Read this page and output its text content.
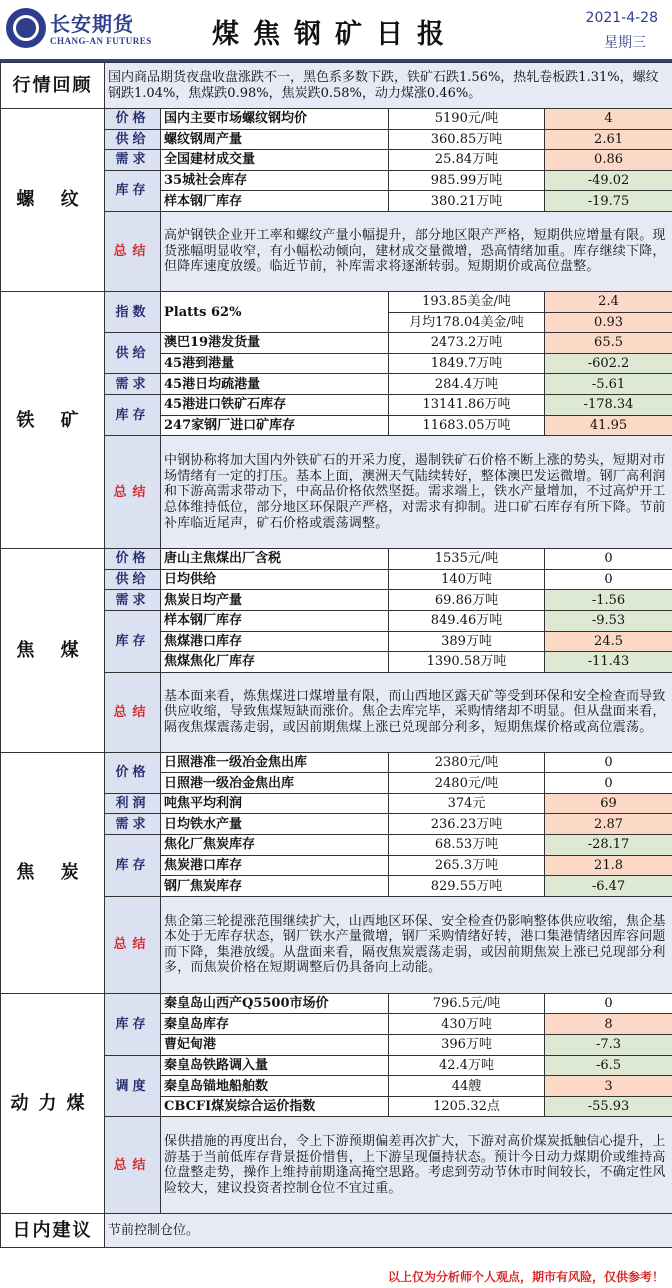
长安期货
CHANG-AN FUTURES	煤焦钢矿日报
2021-4-28
星期三
行情回顾	国内商品期货夜盘收盘涨跌不一，黑色系多数下跌，铁矿石跌1.56%，热轧卷板跌1.31%，螺纹钢跌1.04%，焦煤跌0.98%，焦炭跌0.58%，动力煤涨0.46%。			
螺 纹	价格	国内主要市场螺纹钢均价	5190元/吨	4
	供给	螺纹钢周产量	360.85万吨	2.61
	需求	全国建材成交量	25.84万吨	0.86
	库存	35城社会库存	985.99万吨	-49.02
		样本钢厂库存	380.21万吨	-19.75
	总结	高炉钢铁企业开工率和螺纹产量小幅提升，部分地区限产严格，短期供应增量有限。现货涨幅明显收窄，有小幅松动倾向，建材成交量微增，恐高情绪加重。库存继续下降，但降库速度放缓。临近节前，补库需求将逐渐转弱。短期期价或高位盘整。		
铁 矿	指数	Platts 62%	193.85美金/吨	2.4
			月均178.04美金/吨	0.93
	供给	澳巴19港发货量	2473.2万吨	65.5
		45港到港量	1849.7万吨	-602.2
	需求	45港日均疏港量	284.4万吨	-5.61
	库存	45港进口铁矿石库存	13141.86万吨	-178.34
		247家钢厂进口矿库存	11683.05万吨	41.95
	总结	中钢协称将加大国内外铁矿石的开采力度，遏制铁矿石价格不断上涨的势头，短期对市场情绪有一定的打压。基本上面，澳洲天气陆续转好，整体澳巴发运微增。钢厂高利润和下游高需求带动下，中高品价格依然坚挺。需求端上，铁水产量增加，不过高炉开工总体维持低位，部分地区环保限产严格，对需求有抑制。进口矿石库存有所下降。节前补库临近尾声，矿石价格或震荡调整。		
焦 煤	价格	唐山主焦煤出厂含税	1535元/吨	0
	供给	日均供给	140万吨	0
	需求	焦炭日均产量	69.86万吨	-1.56
	库存	样本钢厂库存	849.46万吨	-9.53
		焦煤港口库存	389万吨	24.5
		焦煤焦化厂库存	1390.58万吨	-11.43
	总结	基本面来看，炼焦煤进口煤增量有限，而山西地区露天矿等受到环保和安全检查而导致供应收缩，导致焦煤短缺而涨价。焦企去库完毕，采购情绪却不明显。但从盘面来看，隔夜焦煤震荡走弱，或因前期焦煤上涨已兑现部分利多，短期焦煤价格或高位震荡。		
焦 炭	价格	日照港准一级冶金焦出库	2380元/吨	0
		日照港一级冶金焦出库	2480元/吨	0
	利润	吨焦平均利润	374元	69
	需求	日均铁水产量	236.23万吨	2.87
	库存	焦化厂焦炭库存	68.53万吨	-28.17
		焦炭港口库存	265.3万吨	21.8
		钢厂焦炭库存	829.55万吨	-6.47
	总结	焦企第三轮提涨范围继续扩大，山西地区环保、安全检查仍影响整体供应收缩，焦企基本处于无库存状态，钢厂铁水产量微增，钢厂采购情绪好转，港口集港情绪因库容问题而下降，集港放缓。从盘面来看，隔夜焦炭震荡走弱，或因前期焦炭上涨已兑现部分利多，而焦炭价格在短期调整后仍具备向上动能。		
动力煤	库存	秦皇岛山西产Q5500市场价	796.5元/吨	0
		秦皇岛库存	430万吨	8
		曹妃甸港	396万吨	-7.3
	调度	秦皇岛铁路调入量	42.4万吨	-6.5
		秦皇岛锚地船舶数	44艘	3
		CBCFI煤炭综合运价指数	1205.32点	-55.93
	总结	保供措施的再度出台，令上下游预期偏差再次扩大，下游对高价煤炭抵触信心提升，上游基于当前低库存背景挺价惜售，上下游呈现僵持状态。预计今日动力煤期价或维持高位盘整走势，操作上维持前期逢高掩空思路。考虑到劳动节休市时间较长，不确定性风险较大，建议投资者控制仓位不宜过重。		
日内建议	节前控制仓位。			
以上仅为分析师个人观点，期市有风险，仅供参考！
